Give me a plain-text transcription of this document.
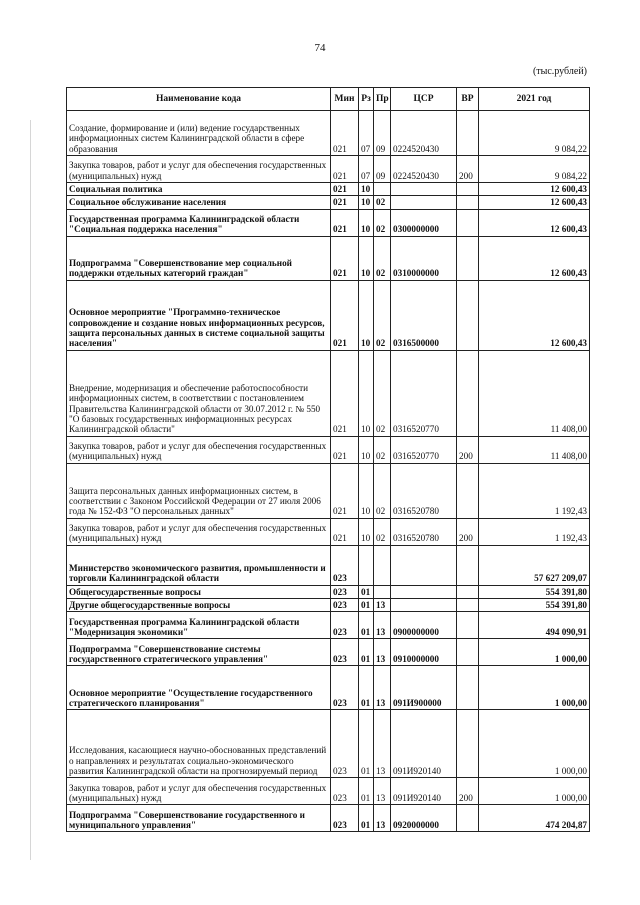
74
(тыс.рублей)
Наименование кода	Мин	Рз	Пр	ЦСР	ВР	2021 год
Создание, формирование и (или) ведение государственных информационных систем Калининградской области в сфере образования	021	07	09	0224520430		9 084,22
Закупка товаров, работ и услуг для обеспечения государственных (муниципальных) нужд	021	07	09	0224520430	200	9 084,22
Социальная политика	021	10				12 600,43
Социальное обслуживание населения	021	10	02			12 600,43
Государственная программа Калининградской области "Социальная поддержка населения"	021	10	02	0300000000		12 600,43
Подпрограмма "Совершенствование мер социальной поддержки отдельных категорий граждан"	021	10	02	0310000000		12 600,43
Основное мероприятие "Программно-техническое сопровождение и создание новых информационных ресурсов, защита персональных данных в системе социальной защиты населения"	021	10	02	0316500000		12 600,43
Внедрение, модернизация и обеспечение работоспособности информационных систем, в соответствии с постановлением Правительства Калининградской области от 30.07.2012 г. № 550 "О базовых государственных информационных ресурсах Калининградской области"	021	10	02	0316520770		11 408,00
Закупка товаров, работ и услуг для обеспечения государственных (муниципальных) нужд	021	10	02	0316520770	200	11 408,00
Защита персональных данных информационных систем, в соответствии с Законом Российской Федерации от 27 июля 2006 года № 152-ФЗ "О персональных данных"	021	10	02	0316520780		1 192,43
Закупка товаров, работ и услуг для обеспечения государственных (муниципальных) нужд	021	10	02	0316520780	200	1 192,43
Министерство экономического развития, промышленности и торговли Калининградской области	023					57 627 209,07
Общегосударственные вопросы	023	01				554 391,80
Другие общегосударственные вопросы	023	01	13			554 391,80
Государственная программа Калининградской области "Модернизация экономики"	023	01	13	0900000000		494 090,91
Подпрограмма "Совершенствование системы государственного стратегического управления"	023	01	13	0910000000		1 000,00
Основное мероприятие "Осуществление государственного стратегического планирования"	023	01	13	091И900000		1 000,00
Исследования, касающиеся научно-обоснованных представлений о направлениях и результатах социально-экономического развития Калининградской области на прогнозируемый период	023	01	13	091И920140		1 000,00
Закупка товаров, работ и услуг для обеспечения государственных (муниципальных) нужд	023	01	13	091И920140	200	1 000,00
Подпрограмма "Совершенствование государственного и муниципального управления"	023	01	13	0920000000		474 204,87
